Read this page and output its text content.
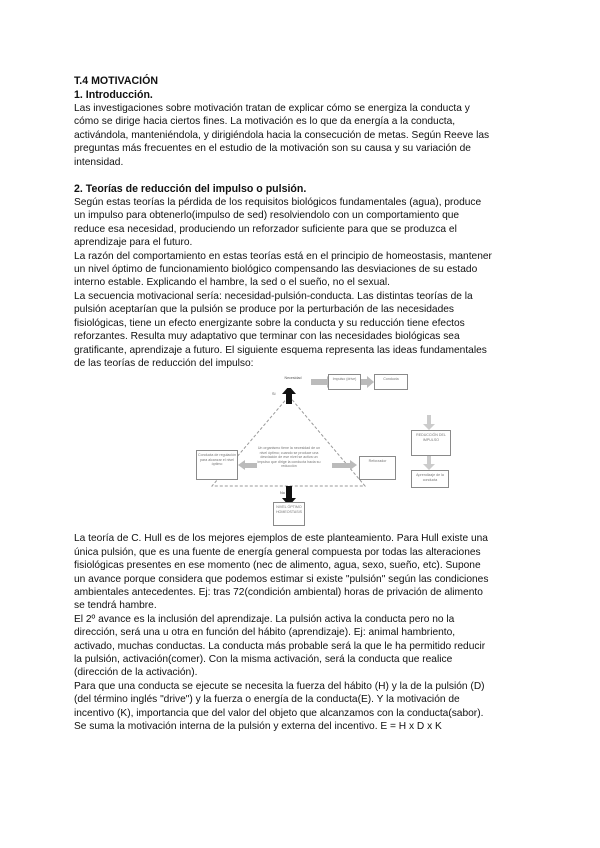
T.4 MOTIVACIÓN

1. Introducción.

Las investigaciones sobre motivación tratan de explicar cómo se energiza la conducta y

cómo se dirige hacia ciertos fines. La motivación es lo que da energía a la conducta,

activándola, manteniéndola, y dirigiéndola hacia la consecución de metas. Según Reeve las

preguntas más frecuentes en el estudio de la motivación son su causa y su variación de

intensidad.

2. Teorías de reducción del impulso o pulsión.

Según estas teorías la pérdida de los requisitos biológicos fundamentales (agua), produce

un impulso para obtenerlo(impulso de sed) resolviendolo con un comportamiento que

reduce esa necesidad, produciendo un reforzador suficiente para que se produzca el

aprendizaje para el futuro.

La razón del comportamiento en estas teorías está en el principio de homeostasis, mantener

un nivel óptimo de funcionamiento biológico compensando las desviaciones de su estado

interno estable. Explicando el hambre, la sed o el sueño, no el sexual.

La secuencia motivacional sería: necesidad-pulsión-conducta. Las distintas teorías de la

pulsión aceptarían que la pulsión se produce por la perturbación de las necesidades

fisiológicas, tiene un efecto energizante sobre la conducta y su reducción tiene efectos

reforzantes. Resulta muy adaptativo que terminar con las necesidades biológicas sea

gratificante, aprendizaje a futuro. El siguiente esquema representa las ideas fundamentales

de las teorías de reducción del impulso:

Necesidad	Impulso (drive)	Conducta
REDUCCIÓN DEL IMPULSO
Reforzador
Aprendizaje de la conducta
Conducta de regulación para alcanzar el nivel óptimo
NIVEL ÓPTIMO HOMEOSTASIS
Un organismo tiene la necesidad de un nivel óptimo; cuando se produce una desviación de ese nivel se activa un impulso que dirige la conducta hacia su reducción
Sí
No

La teoría de C. Hull es de los mejores ejemplos de este planteamiento. Para Hull existe una

única pulsión, que es una fuente de energía general compuesta por todas las alteraciones

fisiológicas presentes en ese momento (nec de alimento, agua, sexo, sueño, etc). Supone

un avance porque considera que podemos estimar si existe "pulsión" según las condiciones

ambientales antecedentes. Ej: tras 72(condición ambiental) horas de privación de alimento

se tendrá hambre.

El 2º avance es la inclusión del aprendizaje. La pulsión activa la conducta pero no la

dirección, será una u otra en función del hábito (aprendizaje). Ej: animal hambriento,

activado, muchas conductas. La conducta más probable será la que le ha permitido reducir

la pulsión, activación(comer). Con la misma activación, será la conducta que realice

(dirección de la activación).

Para que una conducta se ejecute se necesita la fuerza del hábito (H) y la de la pulsión (D)

(del término inglés "drive") y la fuerza o energía de la conducta(E). Y la motivación de

incentivo (K), importancia que del valor del objeto que alcanzamos con la conducta(sabor).

Se suma la motivación interna de la pulsión y externa del incentivo. E = H x D x K
